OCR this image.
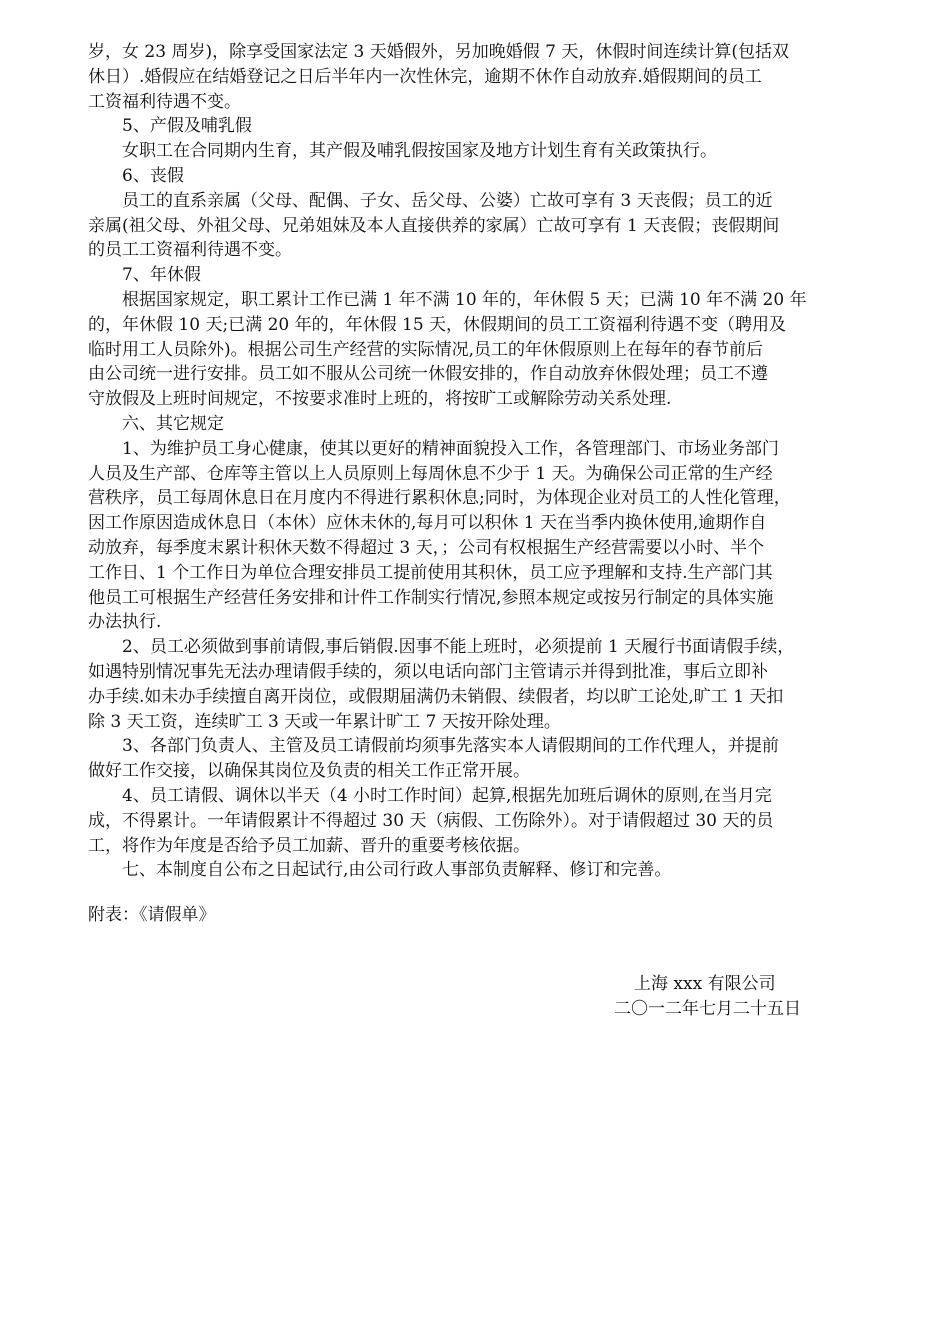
岁，女 23 周岁)，除享受国家法定 3 天婚假外，另加晚婚假 7 天，休假时间连续计算(包括双
休日）.婚假应在结婚登记之日后半年内一次性休完，逾期不休作自动放弃.婚假期间的员工
工资福利待遇不变。
5、产假及哺乳假
女职工在合同期内生育，其产假及哺乳假按国家及地方计划生育有关政策执行。
6、丧假
员工的直系亲属（父母、配偶、子女、岳父母、公婆）亡故可享有 3 天丧假；员工的近
亲属(祖父母、外祖父母、兄弟姐妹及本人直接供养的家属）亡故可享有 1 天丧假；丧假期间
的员工工资福利待遇不变。
7、年休假
根据国家规定，职工累计工作已满 1 年不满 10 年的，年休假 5 天；已满 10 年不满 20 年
的，年休假 10 天;已满 20 年的，年休假 15 天，休假期间的员工工资福利待遇不变（聘用及
临时用工人员除外)。根据公司生产经营的实际情况,员工的年休假原则上在每年的春节前后
由公司统一进行安排。员工如不服从公司统一休假安排的，作自动放弃休假处理；员工不遵
守放假及上班时间规定，不按要求准时上班的，将按旷工或解除劳动关系处理.
六、其它规定
1、为维护员工身心健康，使其以更好的精神面貌投入工作，各管理部门、市场业务部门
人员及生产部、仓库等主管以上人员原则上每周休息不少于 1 天。为确保公司正常的生产经
营秩序，员工每周休息日在月度内不得进行累积休息;同时，为体现企业对员工的人性化管理，
因工作原因造成休息日（本休）应休未休的,每月可以积休 1 天在当季内换休使用,逾期作自
动放弃，每季度末累计积休天数不得超过 3 天，；公司有权根据生产经营需要以小时、半个
工作日、1 个工作日为单位合理安排员工提前使用其积休，员工应予理解和支持.生产部门其
他员工可根据生产经营任务安排和计件工作制实行情况,参照本规定或按另行制定的具体实施
办法执行.
2、员工必须做到事前请假,事后销假.因事不能上班时，必须提前 1 天履行书面请假手续，
如遇特别情况事先无法办理请假手续的，须以电话向部门主管请示并得到批准，事后立即补
办手续.如未办手续擅自离开岗位，或假期届满仍未销假、续假者，均以旷工论处,旷工 1 天扣
除 3 天工资，连续旷工 3 天或一年累计旷工 7 天按开除处理。
3、各部门负责人、主管及员工请假前均须事先落实本人请假期间的工作代理人，并提前
做好工作交接，以确保其岗位及负责的相关工作正常开展。
4、员工请假、调休以半天（4 小时工作时间）起算,根据先加班后调休的原则,在当月完
成，不得累计。一年请假累计不得超过 30 天（病假、工伤除外）。对于请假超过 30 天的员
工，将作为年度是否给予员工加薪、晋升的重要考核依据。
七、本制度自公布之日起试行,由公司行政人事部负责解释、修订和完善。
附表：《请假单》
上海 xxx 有限公司
二〇一二年七月二十五日
